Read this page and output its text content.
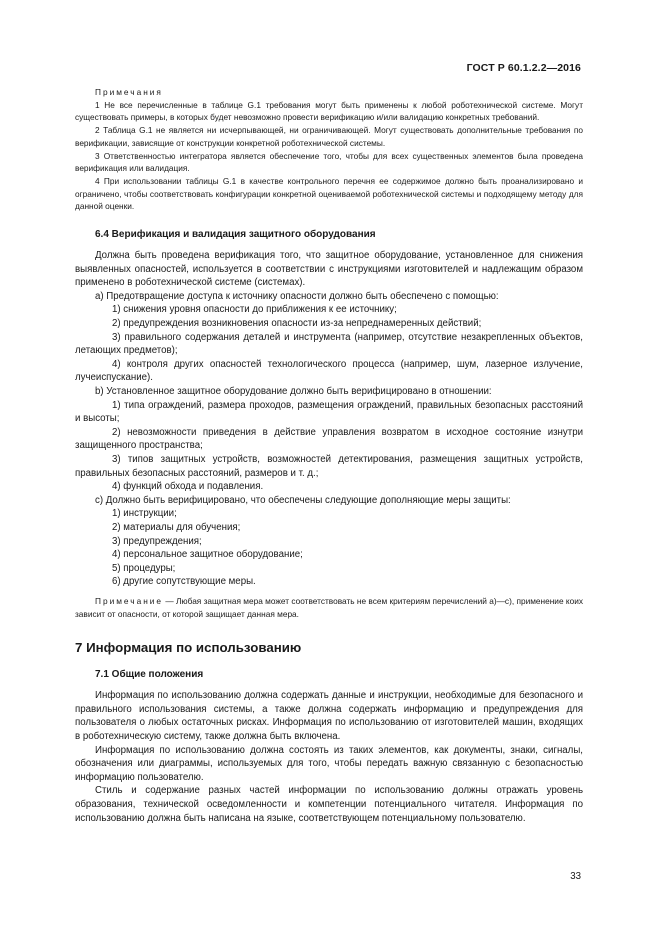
ГОСТ Р 60.1.2.2—2016

Примечания

1 Не все перечисленные в таблице G.1 требования могут быть применены к любой роботехнической системе. Могут существовать примеры, в которых будет невозможно провести верификацию и/или валидацию конкретных требований.

2 Таблица G.1 не является ни исчерпывающей, ни ограничивающей. Могут существовать дополнительные требования по верификации, зависящие от конструкции конкретной роботехнической системы.

3 Ответственностью интегратора является обеспечение того, чтобы для всех существенных элементов была проведена верификация или валидация.

4 При использовании таблицы G.1 в качестве контрольного перечня ее содержимое должно быть проанализировано и ограничено, чтобы соответствовать конфигурации конкретной оцениваемой роботехнической системы и подходящему методу для данной оценки.

6.4 Верификация и валидация защитного оборудования

Должна быть проведена верификация того, что защитное оборудование, установленное для снижения выявленных опасностей, используется в соответствии с инструкциями изготовителей и надлежащим образом применено в роботехнической системе (системах).

a) Предотвращение доступа к источнику опасности должно быть обеспечено с помощью:

1) снижения уровня опасности до приближения к ее источнику;

2) предупреждения возникновения опасности из-за непреднамеренных действий;

3) правильного содержания деталей и инструмента (например, отсутствие незакрепленных объектов, летающих предметов);

4) контроля других опасностей технологического процесса (например, шум, лазерное излучение, лучеиспускание).

b) Установленное защитное оборудование должно быть верифицировано в отношении:

1) типа ограждений, размера проходов, размещения ограждений, правильных безопасных расстояний и высоты;

2) невозможности приведения в действие управления возвратом в исходное состояние изнутри защищенного пространства;

3) типов защитных устройств, возможностей детектирования, размещения защитных устройств, правильных безопасных расстояний, размеров и т. д.;

4) функций обхода и подавления.

c) Должно быть верифицировано, что обеспечены следующие дополняющие меры защиты:

1) инструкции;

2) материалы для обучения;

3) предупреждения;

4) персональное защитное оборудование;

5) процедуры;

6) другие сопутствующие меры.

Примечание — Любая защитная мера может соответствовать не всем критериям перечислений а)—с), применение коих зависит от опасности, от которой защищает данная мера.

7 Информация по использованию

7.1 Общие положения

Информация по использованию должна содержать данные и инструкции, необходимые для безопасного и правильного использования системы, а также должна содержать информацию и предупреждения для пользователя о любых остаточных рисках. Информация по использованию от изготовителей машин, входящих в роботехническую систему, также должна быть включена.

Информация по использованию должна состоять из таких элементов, как документы, знаки, сигналы, обозначения или диаграммы, используемых для того, чтобы передать важную связанную с безопасностью информацию пользователю.

Стиль и содержание разных частей информации по использованию должны отражать уровень образования, технической осведомленности и компетенции потенциального читателя. Информация по использованию должна быть написана на языке, соответствующем потенциальному пользователю.

33
